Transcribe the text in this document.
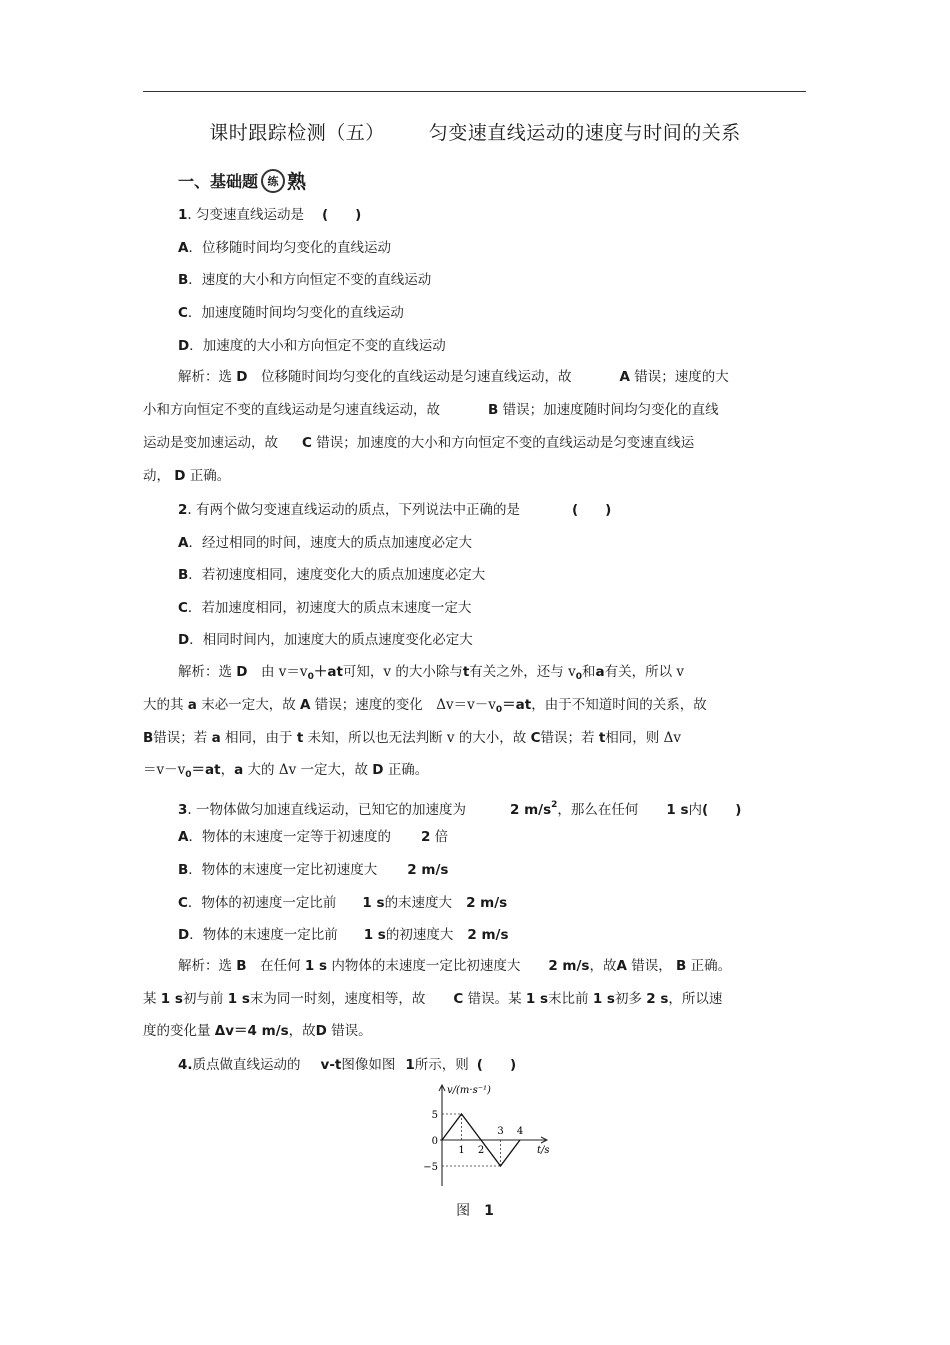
课时跟踪检测（五） 匀变速直线运动的速度与时间的关系
一、基础题 练 熟
1. 匀变速直线运动是 (　　)
A．位移随时间均匀变化的直线运动
B．速度的大小和方向恒定不变的直线运动
C．加速度随时间均匀变化的直线运动
D．加速度的大小和方向恒定不变的直线运动
解析：选 D　位移随时间均匀变化的直线运动是匀速直线运动，故	A 错误；速度的大
小和方向恒定不变的直线运动是匀速直线运动，故	B 错误；加速度随时间均匀变化的直线
运动是变加速运动，故 C 错误；加速度的大小和方向恒定不变的直线运动是匀变速直线运
动， D 正确。
2. 有两个做匀变速直线运动的质点，下列说法中正确的是	(　　)
A．经过相同的时间，速度大的质点加速度必定大
B．若初速度相同，速度变化大的质点加速度必定大
C．若加速度相同，初速度大的质点末速度一定大
D．相同时间内，加速度大的质点速度变化必定大
解析：选 D　 由 $v=v_0+at$可知，v 的大小除与t有关之外，还与 $v_0$和a有关，所以 v
大的其 a 末必一定大，故 A 错误；速度的变化　$\Delta v=v-v_0=at$，由于不知道时间的关系，故
B错误；若 a 相同，由于 t 未知，所以也无法判断 v 的大小，故 C错误；若 t相同，则 Δv
$=v-v_0=at$，a 大的 Δv 一定大，故 D 正确。
3. 一物体做匀加速直线运动，已知它的加速度为	2 $m/s^2$，那么在任何 1 s内(　　)
A．物体的末速度一定等于初速度的 2 倍
B．物体的末速度一定比初速度大 2 m/s
C．物体的初速度一定比前 1 s的末速度大 2 m/s
D．物体的末速度一定比前 1 s的初速度大 2 m/s
解析：选 B　 在任何 1 s 内物体的末速度一定比初速度大 2 m/s，故A 错误， B 正确。
某 1 s初与前 1 s末为同一时刻，速度相等，故 C 错误。某 1 s末比前 1 s初多 2 s，所以速
度的变化量 Δv＝4 m/s，故D 错误。
4.质点做直线运动的 v-t图像如图 1所示，则 (　　)
v/(m·s⁻¹)
t/s
5
0
−5
1 2
3 4
图　 1
